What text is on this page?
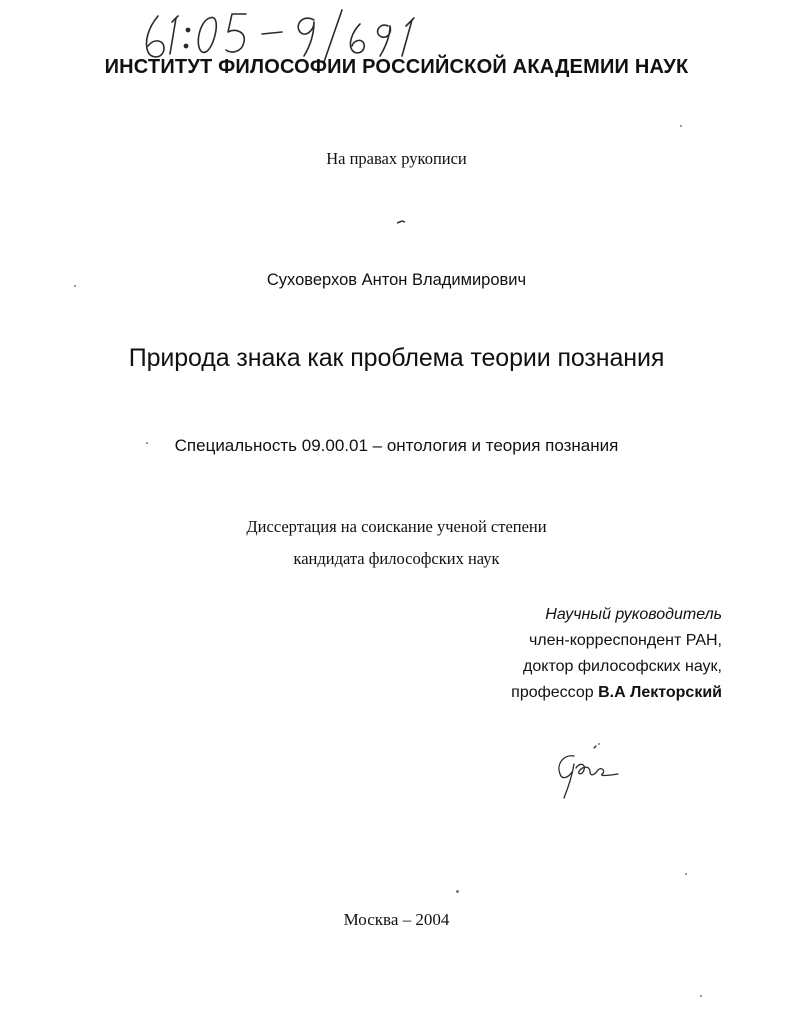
ИНСТИТУТ ФИЛОСОФИИ РОССИЙСКОЙ АКАДЕМИИ НАУК
На правах рукописи
Суховерхов Антон Владимирович
Природа знака как проблема теории познания
Специальность 09.00.01 – онтология и теория познания
Диссертация на соискание ученой степени
кандидата философских наук
Научный руководитель
член-корреспондент РАН,
доктор философских наук,
профессор В.А Лекторский
Москва – 2004
